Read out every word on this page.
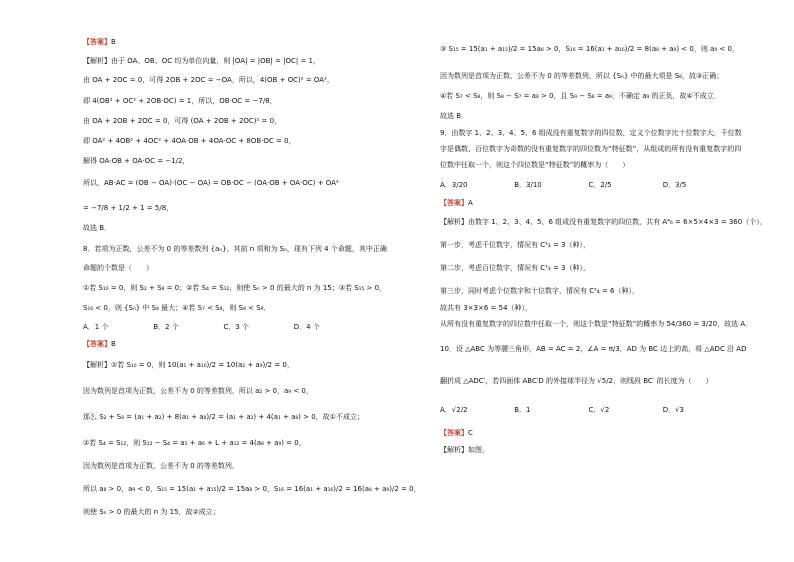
【答案】B
【解析】由于 OA、OB、OC 均为单位向量，则 |OA| = |OB| = |OC| = 1，
由 OA + 2OC = 0，可得 2OB + 2OC = −OA，所以，4(OB + OC)² = OA²，
即 4(OB² + OC² + 2OB·OC) = 1，所以，OB·OC = −7/8，
由 OA + 2OB + 2OC = 0，可得 (OA + 2OB + 2OC)² = 0，
即 OA² + 4OB² + 4OC² + 4OA·OB + 4OA·OC + 8OB·OC = 0，
解得 OA·OB + OA·OC = −1/2，
所以，AB·AC = (OB − OA)·(OC − OA) = OB·OC − (OA·OB + OA·OC) + OA²
= −7/8 + 1/2 + 1 = 5/8，
故选 B．
8．若项为正数，公差不为 0 的等差数列 {aₙ}，其前 n 项和为 Sₙ，现有下列 4 个命题，其中正确
命题的个数是（　　）
①若 S₁₀ = 0，则 S₂ + S₈ = 0；②若 S₄ = S₁₂，则使 Sₙ > 0 的最大的 n 为 15；③若 S₁₅ > 0，
S₁₆ < 0，则 {Sₙ} 中 S₈ 最大；④若 S₇ < S₈，则 S₈ < S₉．
A．1 个	B．2 个	C．3 个	D．4 个
【答案】B
【解析】①若 S₁₀ = 0，则 10(a₁ + a₁₀)/2 = 10(a₂ + a₉)/2 = 0，
因为数列是首项为正数，公差不为 0 的等差数列，所以 a₂ > 0，a₉ < 0，
那么 S₂ + S₈ = (a₁ + a₂) + 8(a₁ + a₈)/2 = (a₁ + a₂) + 4(a₁ + a₈) > 0，故①不成立；
②若 S₄ = S₁₂，则 S₁₂ − S₄ = a₅ + a₆ + L + a₁₂ = 4(a₈ + a₉) = 0，
因为数列是首项为正数，公差不为 0 的等差数列，
所以 a₈ > 0，a₉ < 0，S₁₅ = 15(a₁ + a₁₅)/2 = 15a₈ > 0，S₁₆ = 16(a₁ + a₁₆)/2 = 16(a₈ + a₉)/2 = 0，
则使 Sₙ > 0 的最大的 n 为 15，故②成立；
③ S₁₅ = 15(a₁ + a₁₅)/2 = 15a₈ > 0，S₁₆ = 16(a₁ + a₁₆)/2 = 8(a₈ + a₉) < 0，则 a₉ < 0，
因为数列是首项为正数，公差不为 0 的等差数列，所以 {Sₙ} 中的最大项是 S₈，故③正确；
④若 S₇ < S₈，则 S₈ − S₇ = a₈ > 0，且 S₉ − S₈ = a₉，不确定 a₉ 的正负，故④不成立．
故选 B．
9．由数字 1、2、3、4、5、6 组成没有重复数字的四位数，定义个位数字比十位数字大，千位数
字是偶数、百位数字为奇数的没有重复数字的四位数为“特征数”，从组成的所有没有重复数字的四
位数中任取一个，则这个四位数是“特征数”的概率为（　　）
A．3/20	B．3/10	C．2/5	D．3/5
【答案】A
【解析】由数字 1、2、3、4、5、6 组成没有重复数字的四位数，共有 A⁴₆ = 6×5×4×3 = 360（个），
第一步，考虑千位数字，情况有 C¹₃ = 3（种），
第二步，考虑百位数字，情况有 C¹₃ = 3（种），
第三步，同时考虑个位数字和十位数字，情况有 C²₄ = 6（种），
故共有 3×3×6 = 54（种），
从所有没有重复数字的四位数中任取一个，则这个数是“特征数”的概率为 54/360 = 3/20，故选 A．
10．设 △ABC 为等腰三角形，AB = AC = 2，∠A = π/3，AD 为 BC 边上的高，将 △ADC 沿 AD
翻折成 △ADC′，若四面体 ABC′D 的外接球半径为 √5/2，则线段 BC′ 的长度为（　　）
A．√2/2	B．1	C．√2	D．√3
【答案】C
【解析】如图，
